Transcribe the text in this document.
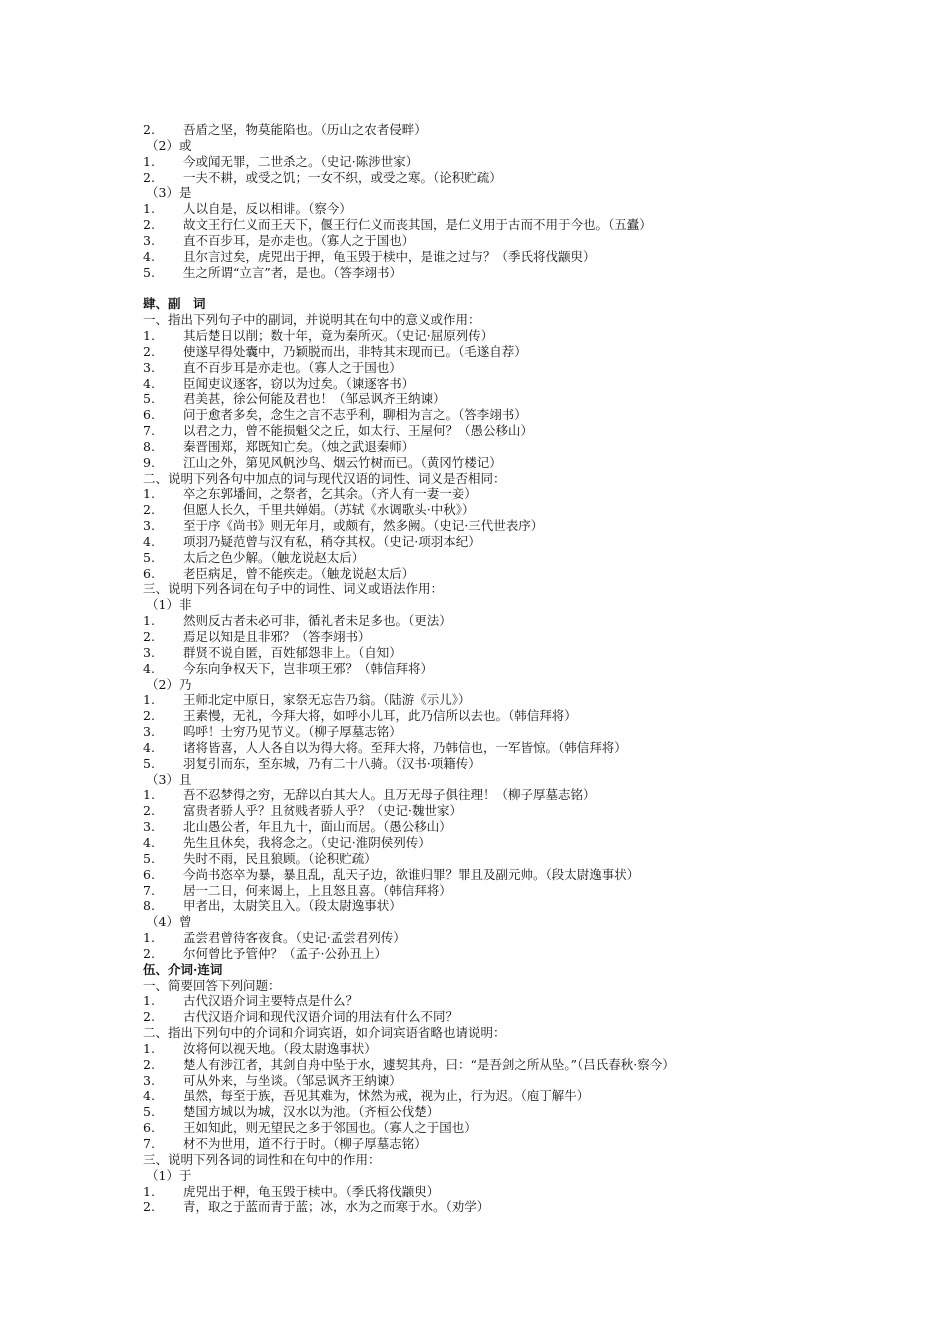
2. 吾盾之坚，物莫能陷也。（历山之农者侵畔）
（2）或
1. 今或闻无罪，二世杀之。（史记·陈涉世家）
2. 一夫不耕，或受之饥；一女不织，或受之寒。（论积贮疏）
（3）是
1. 人以自是，反以相诽。（察今）
2. 故文王行仁义而王天下，偃王行仁义而丧其国，是仁义用于古而不用于今也。（五蠹）
3. 直不百步耳，是亦走也。（寡人之于国也）
4. 且尔言过矣，虎兕出于押，龟玉毁于椟中，是谁之过与？（季氏将伐颛臾）
5. 生之所谓“立言”者，是也。（答李翊书）
肆、副　词
一、指出下列句子中的副词，并说明其在句中的意义或作用：
1. 其后楚日以削；数十年，竟为秦所灭。（史记·屈原列传）
2. 使遂早得处囊中，乃颖脱而出，非特其末现而已。（毛遂自荐）
3. 直不百步耳是亦走也。（寡人之于国也）
4. 臣闻吏议逐客，窃以为过矣。（谏逐客书）
5. 君美甚，徐公何能及君也！（邹忌讽齐王纳谏）
6. 问于愈者多矣，念生之言不志乎利，聊相为言之。（答李翊书）
7. 以君之力，曾不能损魁父之丘，如太行、王屋何？（愚公移山）
8. 秦晋围郑，郑既知亡矣。（烛之武退秦师）
9. 江山之外，第见风帆沙鸟、烟云竹树而已。（黄冈竹楼记）
二、说明下列各句中加点的词与现代汉语的词性、词义是否相同：
1. 卒之东郭墦间，之祭者，乞其余。（齐人有一妻一妾）
2. 但愿人长久，千里共婵娟。（苏轼《水调歌头·中秋》）
3. 至于序《尚书》则无年月，或颇有，然多阙。（史记·三代世表序）
4. 项羽乃疑范曾与汉有私，稍夺其权。（史记·项羽本纪）
5. 太后之色少解。（触龙说赵太后）
6. 老臣病足，曾不能疾走。（触龙说赵太后）
三、说明下列各词在句子中的词性、词义或语法作用：
（1）非
1. 然则反古者未必可非，循礼者未足多也。（更法）
2. 焉足以知是且非邪？（答李翊书）
3. 群贤不说自匿，百姓郁怨非上。（自知）
4. 今东向争权天下，岂非项王邪？（韩信拜将）
（2）乃
1. 王师北定中原日，家祭无忘告乃翁。（陆游《示儿》）
2. 王素慢，无礼，今拜大将，如呼小儿耳，此乃信所以去也。（韩信拜将）
3. 呜呼！士穷乃见节义。（柳子厚墓志铭）
4. 诸将皆喜，人人各自以为得大将。至拜大将，乃韩信也，一军皆惊。（韩信拜将）
5. 羽复引而东，至东城，乃有二十八骑。（汉书·项籍传）
（3）且
1. 吾不忍梦得之穷，无辞以白其大人。且万无母子俱往理！（柳子厚墓志铭）
2. 富贵者骄人乎？且贫贱者骄人乎？（史记·魏世家）
3. 北山愚公者，年且九十，面山而居。（愚公移山）
4. 先生且休矣，我将念之。（史记·淮阴侯列传）
5. 失时不雨，民且狼顾。（论积贮疏）
6. 今尚书恣卒为暴，暴且乱，乱天子边，欲谁归罪？罪且及副元帅。（段太尉逸事状）
7. 居一二日，何来谒上，上且怒且喜。（韩信拜将）
8. 甲者出，太尉笑且入。（段太尉逸事状）
（4）曾
1. 孟尝君曾待客夜食。（史记·孟尝君列传）
2. 尔何曾比予管仲？（孟子·公孙丑上）
伍、介词·连词
一、简要回答下列问题：
1. 古代汉语介词主要特点是什么？
2. 古代汉语介词和现代汉语介词的用法有什么不同？
二、指出下列句中的介词和介词宾语，如介词宾语省略也请说明：
1. 汝将何以视天地。（段太尉逸事状）
2. 楚人有涉江者，其剑自舟中坠于水，遽契其舟，曰：“是吾剑之所从坠。”（吕氏春秋·察今）
3. 可从外来，与坐谈。（邹忌讽齐王纳谏）
4. 虽然，每至于族，吾见其难为，怵然为戒，视为止，行为迟。（庖丁解牛）
5. 楚国方城以为城，汉水以为池。（齐桓公伐楚）
6. 王如知此，则无望民之多于邻国也。（寡人之于国也）
7. 材不为世用，道不行于时。（柳子厚墓志铭）
三、说明下列各词的词性和在句中的作用：
（1）于
1. 虎兕出于柙，龟玉毁于椟中。（季氏将伐颛臾）
2. 青，取之于蓝而青于蓝；冰，水为之而寒于水。（劝学）
